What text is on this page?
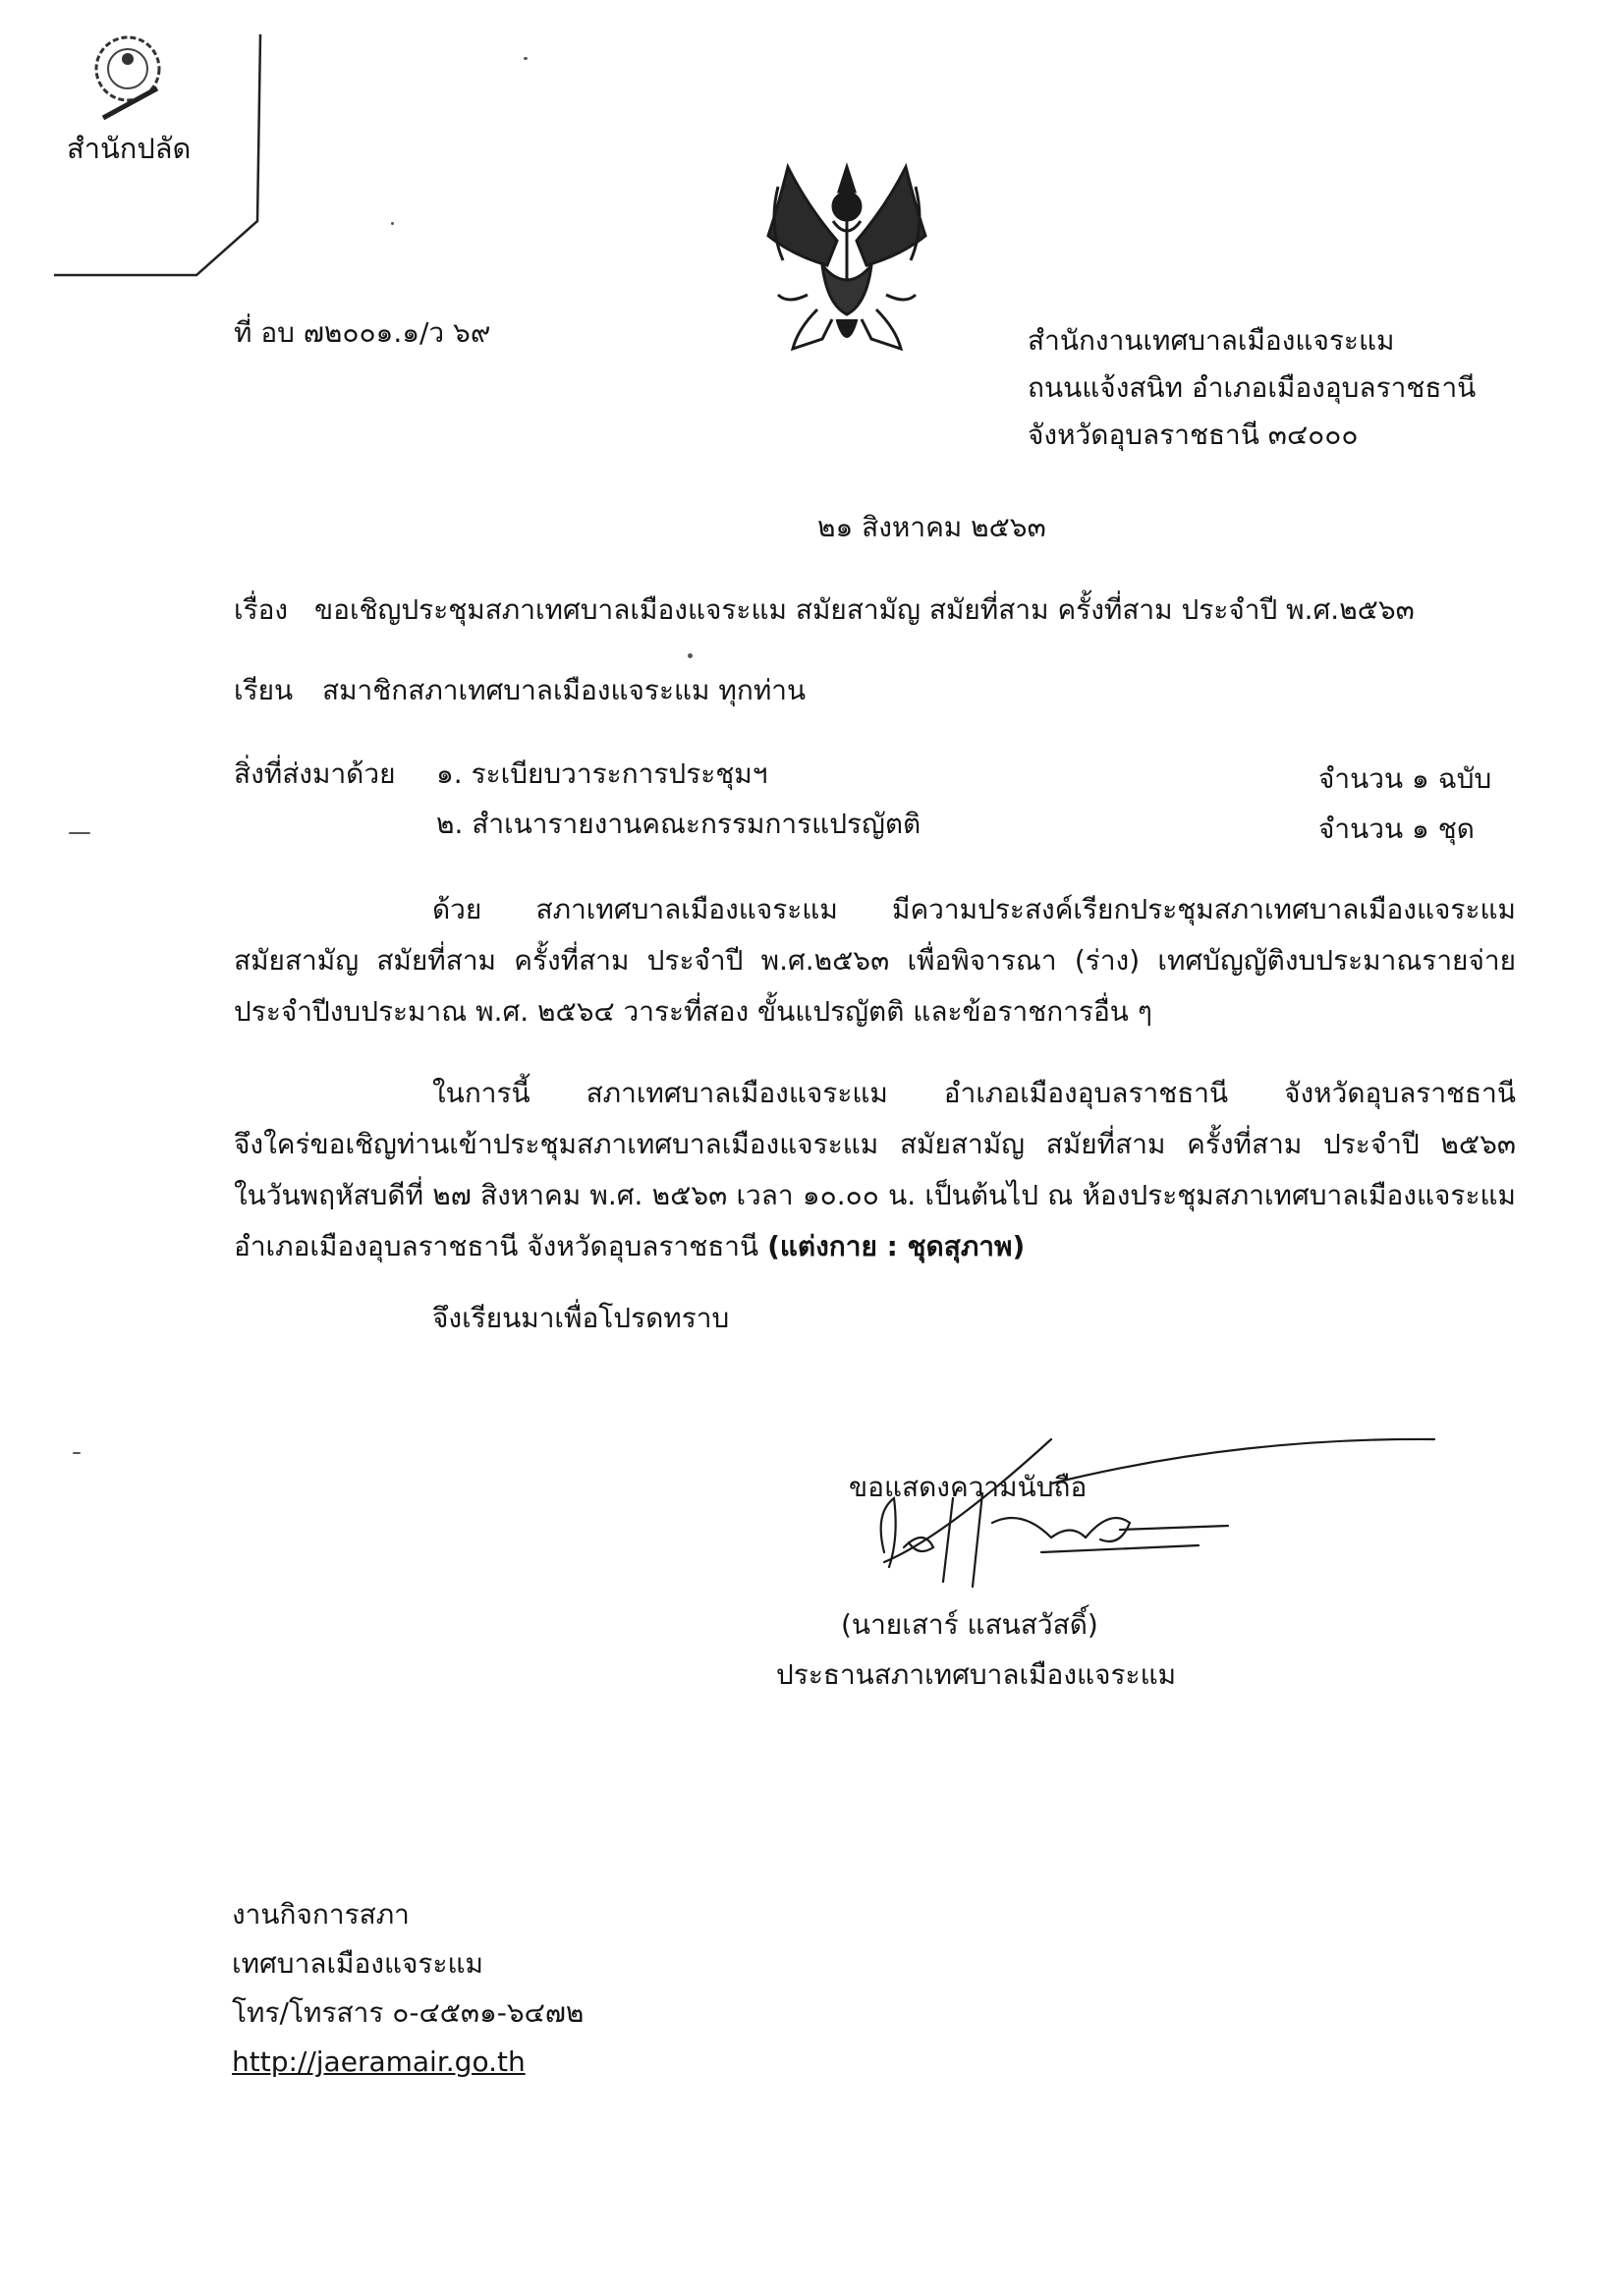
สำนักปลัด
ที่ อบ ๗๒๐๐๑.๑/ว ๖๙	สำนักงานเทศบาลเมืองแจระแม
ถนนแจ้งสนิท อำเภอเมืองอุบลราชธานี
จังหวัดอุบลราชธานี ๓๔๐๐๐
๒๑ สิงหาคม ๒๕๖๓
เรื่อง ขอเชิญประชุมสภาเทศบาลเมืองแจระแม สมัยสามัญ สมัยที่สาม ครั้งที่สาม ประจำปี พ.ศ.๒๕๖๓
เรียน สมาชิกสภาเทศบาลเมืองแจระแม ทุกท่าน
สิ่งที่ส่งมาด้วย ๑. ระเบียบวาระการประชุมฯ	จำนวน ๑ ฉบับ
๒. สำเนารายงานคณะกรรมการแปรญัตติ	จำนวน ๑ ชุด
ด้วย สภาเทศบาลเมืองแจระแม มีความประสงค์เรียกประชุมสภาเทศบาลเมืองแจระแม
สมัยสามัญ สมัยที่สาม ครั้งที่สาม ประจำปี พ.ศ.๒๕๖๓ เพื่อพิจารณา (ร่าง) เทศบัญญัติงบประมาณรายจ่าย
ประจำปีงบประมาณ พ.ศ. ๒๕๖๔ วาระที่สอง ขั้นแปรญัตติ และข้อราชการอื่น ๆ
ในการนี้ สภาเทศบาลเมืองแจระแม อำเภอเมืองอุบลราชธานี จังหวัดอุบลราชธานี
จึงใคร่ขอเชิญท่านเข้าประชุมสภาเทศบาลเมืองแจระแม สมัยสามัญ สมัยที่สาม ครั้งที่สาม ประจำปี ๒๕๖๓
ในวันพฤหัสบดีที่ ๒๗ สิงหาคม พ.ศ. ๒๕๖๓ เวลา ๑๐.๐๐ น. เป็นต้นไป ณ ห้องประชุมสภาเทศบาลเมืองแจระแม
อำเภอเมืองอุบลราชธานี จังหวัดอุบลราชธานี (แต่งกาย : ชุดสุภาพ)
จึงเรียนมาเพื่อโปรดทราบ
ขอแสดงความนับถือ
(นายเสาร์ แสนสวัสดิ์)
ประธานสภาเทศบาลเมืองแจระแม
งานกิจการสภา
เทศบาลเมืองแจระแม
โทร/โทรสาร ๐-๔๕๓๑-๖๔๗๒
http://jaeramair.go.th
